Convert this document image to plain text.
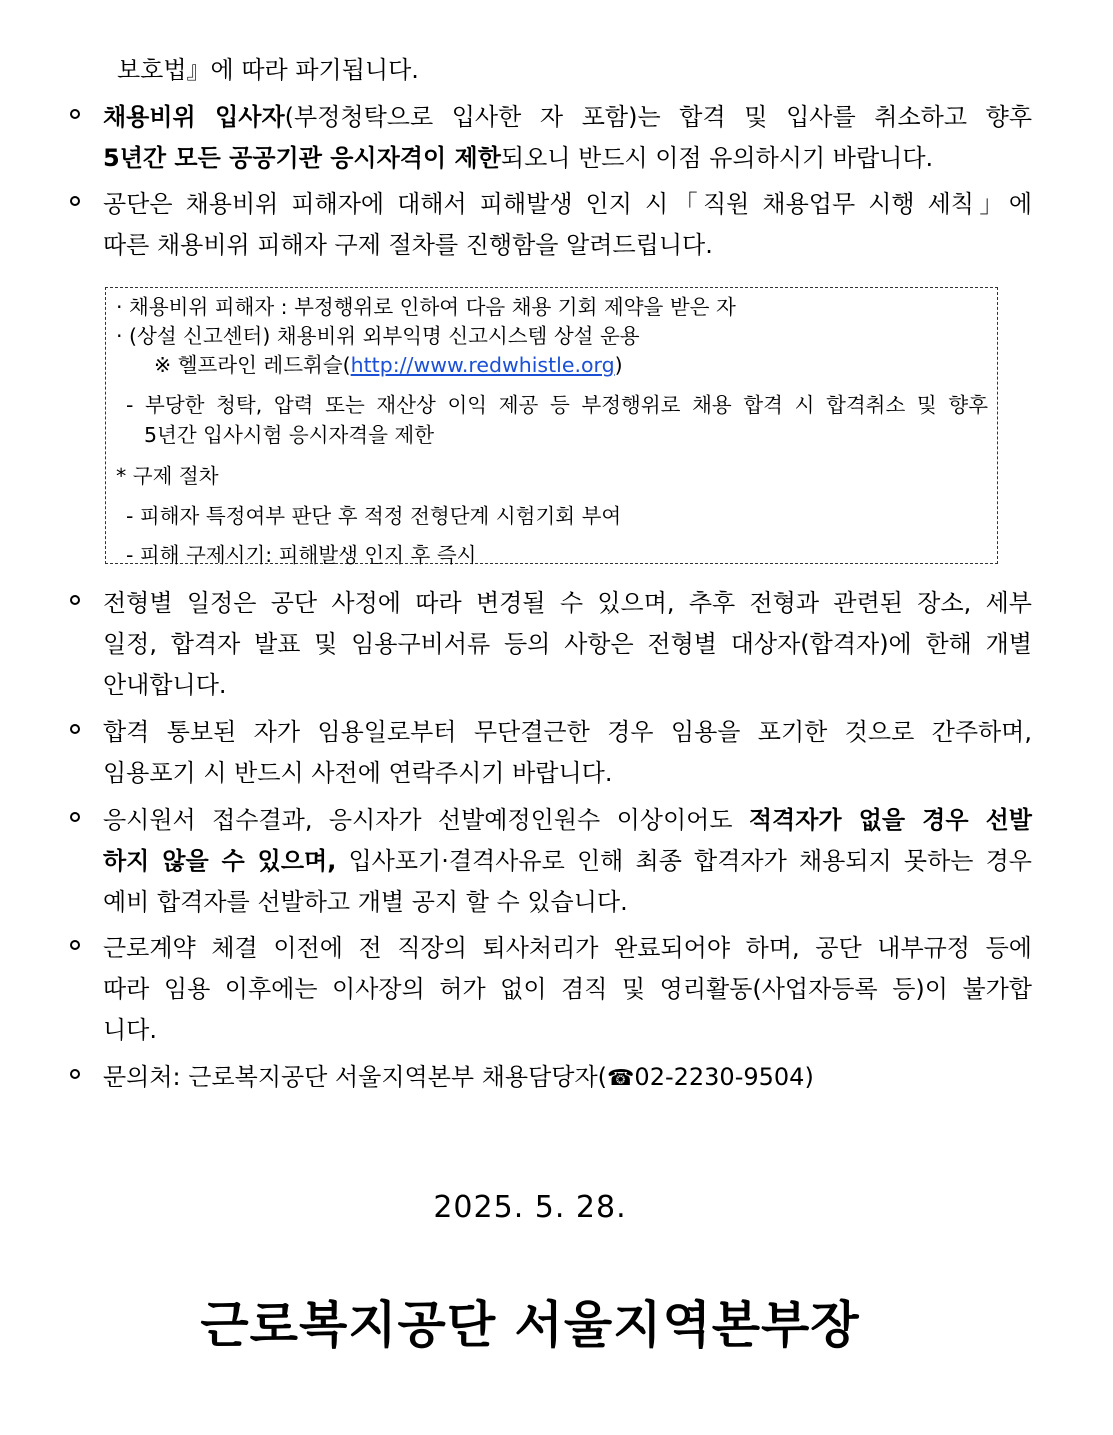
보호법』에 따라 파기됩니다.
채용비위 입사자(부정청탁으로 입사한 자 포함)는 합격 및 입사를 취소하고 향후
5년간 모든 공공기관 응시자격이 제한되오니 반드시 이점 유의하시기 바랍니다.
공단은 채용비위 피해자에 대해서 피해발생 인지 시「직원 채용업무 시행 세칙」에
따른 채용비위 피해자 구제 절차를 진행함을 알려드립니다.
· 채용비위 피해자 : 부정행위로 인하여 다음 채용 기회 제약을 받은 자
· (상설 신고센터) 채용비위 외부익명 신고시스템 상설 운용
※ 헬프라인 레드휘슬(http://www.redwhistle.org)
- 부당한 청탁, 압력 또는 재산상 이익 제공 등 부정행위로 채용 합격 시 합격취소 및 향후
5년간 입사시험 응시자격을 제한
* 구제 절차
- 피해자 특정여부 판단 후 적정 전형단계 시험기회 부여
- 피해 구제시기: 피해발생 인지 후 즉시
전형별 일정은 공단 사정에 따라 변경될 수 있으며, 추후 전형과 관련된 장소, 세부
일정, 합격자 발표 및 임용구비서류 등의 사항은 전형별 대상자(합격자)에 한해 개별
안내합니다.
합격 통보된 자가 임용일로부터 무단결근한 경우 임용을 포기한 것으로 간주하며,
임용포기 시 반드시 사전에 연락주시기 바랍니다.
응시원서 접수결과, 응시자가 선발예정인원수 이상이어도 적격자가 없을 경우 선발
하지 않을 수 있으며, 입사포기·결격사유로 인해 최종 합격자가 채용되지 못하는 경우
예비 합격자를 선발하고 개별 공지 할 수 있습니다.
근로계약 체결 이전에 전 직장의 퇴사처리가 완료되어야 하며, 공단 내부규정 등에
따라 임용 이후에는 이사장의 허가 없이 겸직 및 영리활동(사업자등록 등)이 불가합
니다.
문의처: 근로복지공단 서울지역본부 채용담당자(☎02-2230-9504)
2025. 5. 28.
근로복지공단 서울지역본부장
